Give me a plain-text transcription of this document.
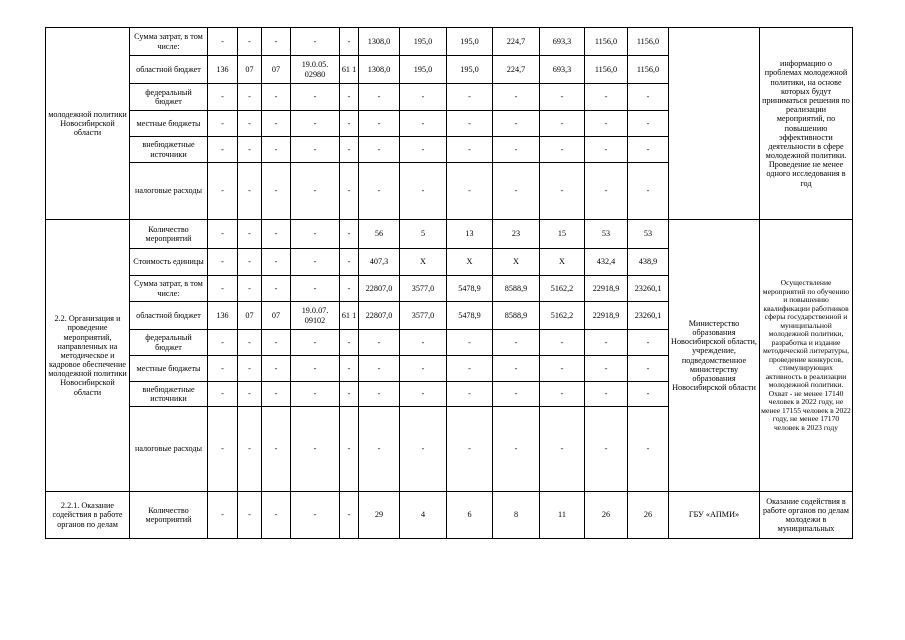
молодежной политики Новосибирской области	Сумма затрат, в том числе:	-	-	-	-	-	1308,0	195,0	195,0	224,7	693,3	1156,0	1156,0		информацию о проблемах молодежной политики, на основе которых будут приниматься решения по реализации мероприятий, по повышению эффективности деятельности в сфере молодежной политики. Проведение не менее одного исследования в год
	областной бюджет	136	07	07	19.0.05. 02980	61 1	1308,0	195,0	195,0	224,7	693,3	1156,0	1156,0		
	федеральный бюджет	-	-	-	-	-	-	-	-	-	-	-	-		
	местные бюджеты	-	-	-	-	-	-	-	-	-	-	-	-		
	внебюджетные источники	-	-	-	-	-	-	-	-	-	-	-	-		
	налоговые расходы	-	-	-	-	-	-	-	-	-	-	-	-		
2.2. Организация и проведение мероприятий, направленных на методическое и кадровое обеспечение молодежной политики Новосибирской области	Количество мероприятий	-	-	-	-	-	56	5	13	23	15	53	53	Министерство образования Новосибирской области, учреждение, подведомственное министерству образования Новосибирской области	Осуществление мероприятий по обучению и повышению квалификации работников сферы государственной и муниципальной молодежной политики, разработка и издание методической литературы, проведение конкурсов, стимулирующих активность в реализации молодежной политики. Охват - не менее 17140 человек в 2022 году, не менее 17155 человек в 2022 году, не менее 17170 человек в 2023 году
	Стоимость единицы	-	-	-	-	-	407,3	X	X	X	X	432,4	438,9		
	Сумма затрат, в том числе:	-	-	-	-	-	22807,0	3577,0	5478,9	8588,9	5162,2	22918,9	23260,1		
	областной бюджет	136	07	07	19.0.07. 09102	61 1	22807,0	3577,0	5478,9	8588,9	5162,2	22918,9	23260,1		
	федеральный бюджет	-	-	-	-	-	-	-	-	-	-	-	-		
	местные бюджеты	-	-	-	-	-	-	-	-	-	-	-	-		
	внебюджетные источники	-	-	-	-	-	-	-	-	-	-	-	-		
	налоговые расходы	-	-	-	-	-	-	-	-	-	-	-	-		
2.2.1. Оказание содействия в работе органов по делам	Количество мероприятий	-	-	-	-	-	29	4	6	8	11	26	26	ГБУ «АПМИ»	Оказание содействия в работе органов по делам молодежи в муниципальных
